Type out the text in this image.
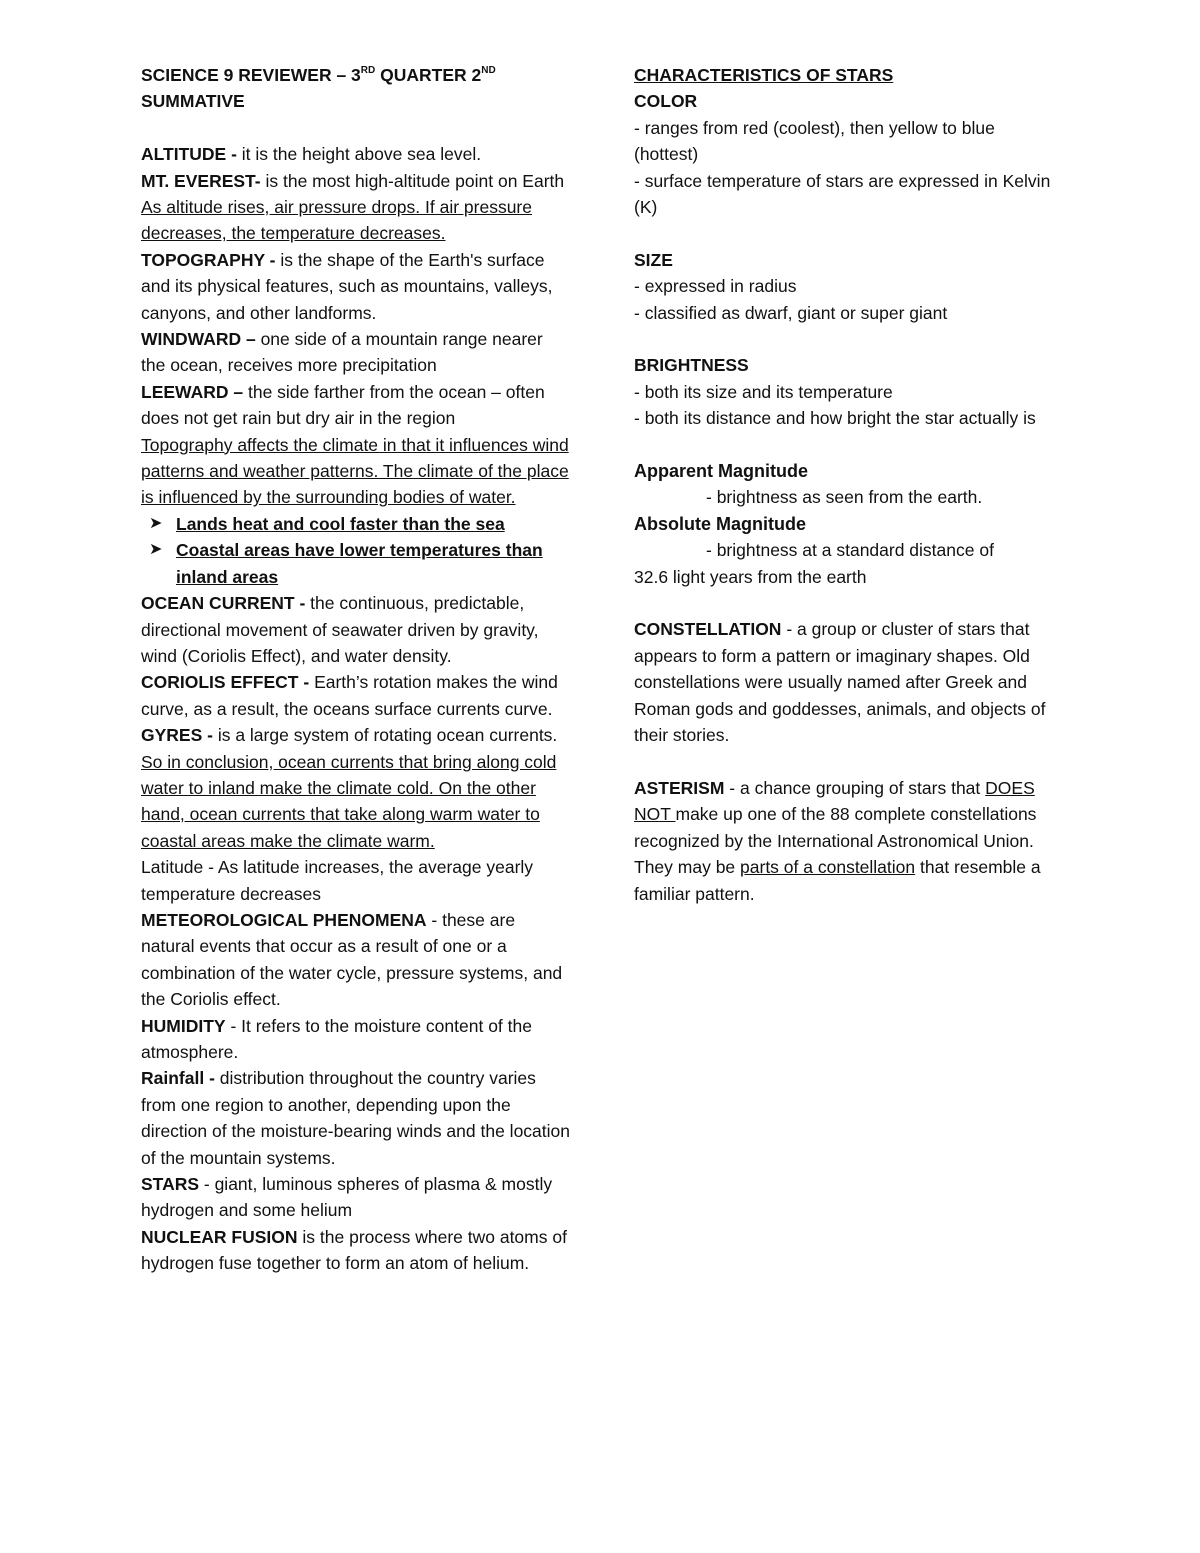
SCIENCE 9 REVIEWER – 3RD QUARTER 2ND
SUMMATIVE

ALTITUDE - it is the height above sea level.

MT. EVEREST- is the most high-altitude point on Earth

As altitude rises, air pressure drops. If air pressure decreases, the temperature decreases.

TOPOGRAPHY - is the shape of the Earth's surface and its physical features, such as mountains, valleys, canyons, and other landforms.

WINDWARD – one side of a mountain range nearer the ocean, receives more precipitation

LEEWARD – the side farther from the ocean – often does not get rain but dry air in the region

Topography affects the climate in that it influences wind patterns and weather patterns. The climate of the place is influenced by the surrounding bodies of water.

➤ Lands heat and cool faster than the sea

➤ Coastal areas have lower temperatures than inland areas

OCEAN CURRENT - the continuous, predictable, directional movement of seawater driven by gravity, wind (Coriolis Effect), and water density.

CORIOLIS EFFECT - Earth’s rotation makes the wind curve, as a result, the oceans surface currents curve.

GYRES - is a large system of rotating ocean currents.

So in conclusion, ocean currents that bring along cold water to inland make the climate cold. On the other hand, ocean currents that take along warm water to coastal areas make the climate warm.

Latitude - As latitude increases, the average yearly temperature decreases

METEOROLOGICAL PHENOMENA - these are natural events that occur as a result of one or a combination of the water cycle, pressure systems, and the Coriolis effect.

HUMIDITY - It refers to the moisture content of the atmosphere.

Rainfall - distribution throughout the country varies from one region to another, depending upon the direction of the moisture-bearing winds and the location of the mountain systems.

STARS - giant, luminous spheres of plasma & mostly hydrogen and some helium

NUCLEAR FUSION is the process where two atoms of hydrogen fuse together to form an atom of helium.

CHARACTERISTICS OF STARS

COLOR

- ranges from red (coolest), then yellow to blue (hottest)

- surface temperature of stars are expressed in Kelvin (K)

SIZE

- expressed in radius

- classified as dwarf, giant or super giant

BRIGHTNESS

- both its size and its temperature

- both its distance and how bright the star actually is

Apparent Magnitude

- brightness as seen from the earth.

Absolute Magnitude

- brightness at a standard distance of

32.6 light years from the earth

CONSTELLATION - a group or cluster of stars that appears to form a pattern or imaginary shapes. Old constellations were usually named after Greek and Roman gods and goddesses, animals, and objects of their stories.

ASTERISM - a chance grouping of stars that DOES NOT make up one of the 88 complete constellations recognized by the International Astronomical Union. They may be parts of a constellation that resemble a familiar pattern.
